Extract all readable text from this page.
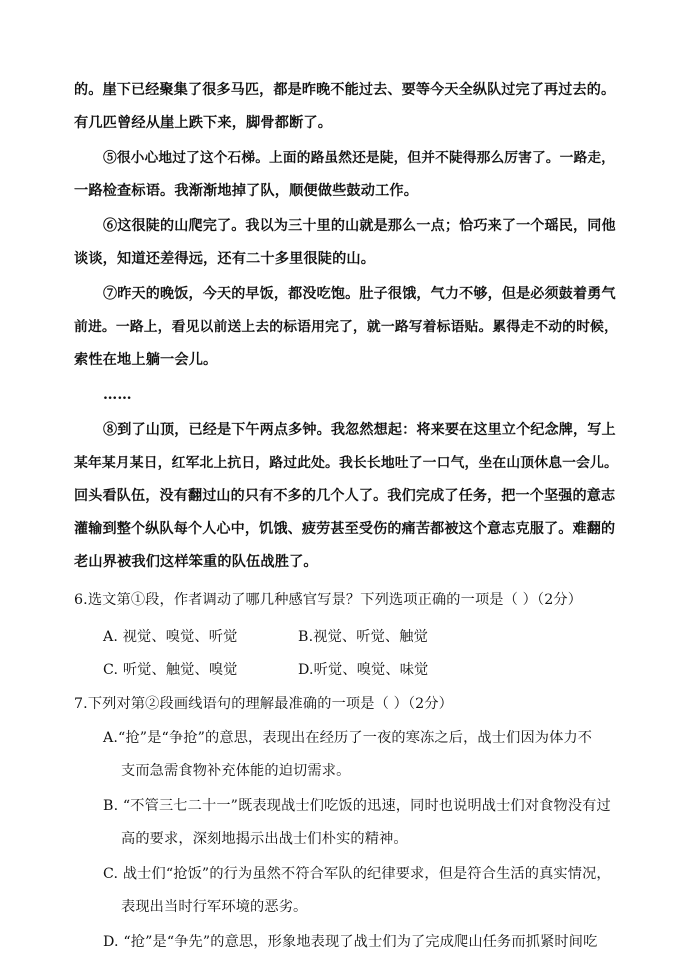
的。崖下已经聚集了很多马匹，都是昨晚不能过去、要等今天全纵队过完了再过去的。
有几匹曾经从崖上跌下来，脚骨都断了。
⑤很小心地过了这个石梯。上面的路虽然还是陡，但并不陡得那么厉害了。一路走，
一路检查标语。我渐渐地掉了队，顺便做些鼓动工作。
⑥这很陡的山爬完了。我以为三十里的山就是那么一点；恰巧来了一个瑶民，同他
谈谈，知道还差得远，还有二十多里很陡的山。
⑦昨天的晚饭，今天的早饭，都没吃饱。肚子很饿，气力不够，但是必须鼓着勇气
前进。一路上，看见以前送上去的标语用完了，就一路写着标语贴。累得走不动的时候，
索性在地上躺一会儿。
……
⑧到了山顶，已经是下午两点多钟。我忽然想起：将来要在这里立个纪念牌，写上
某年某月某日，红军北上抗日，路过此处。我长长地吐了一口气，坐在山顶休息一会儿。
回头看队伍，没有翻过山的只有不多的几个人了。我们完成了任务，把一个坚强的意志
灌输到整个纵队每个人心中，饥饿、疲劳甚至受伤的痛苦都被这个意志克服了。难翻的
老山界被我们这样笨重的队伍战胜了。
6.选文第①段，作者调动了哪几种感官写景？下列选项正确的一项是（ ）（2分）
A. 视觉、嗅觉、听觉	B.视觉、听觉、触觉
C. 听觉、触觉、嗅觉	D.听觉、嗅觉、味觉
7.下列对第②段画线语句的理解最准确的一项是（ ）（2分）
A.“抢”是“争抢”的意思，表现出在经历了一夜的寒冻之后，战士们因为体力不
支而急需食物补充体能的迫切需求。
B. “不管三七二十一”既表现战士们吃饭的迅速，同时也说明战士们对食物没有过
高的要求，深刻地揭示出战士们朴实的精神。
C. 战士们“抢饭”的行为虽然不符合军队的纪律要求，但是符合生活的真实情况，
表现出当时行军环境的恶劣。
D. “抢”是“争先”的意思，形象地表现了战士们为了完成爬山任务而抓紧时间吃
